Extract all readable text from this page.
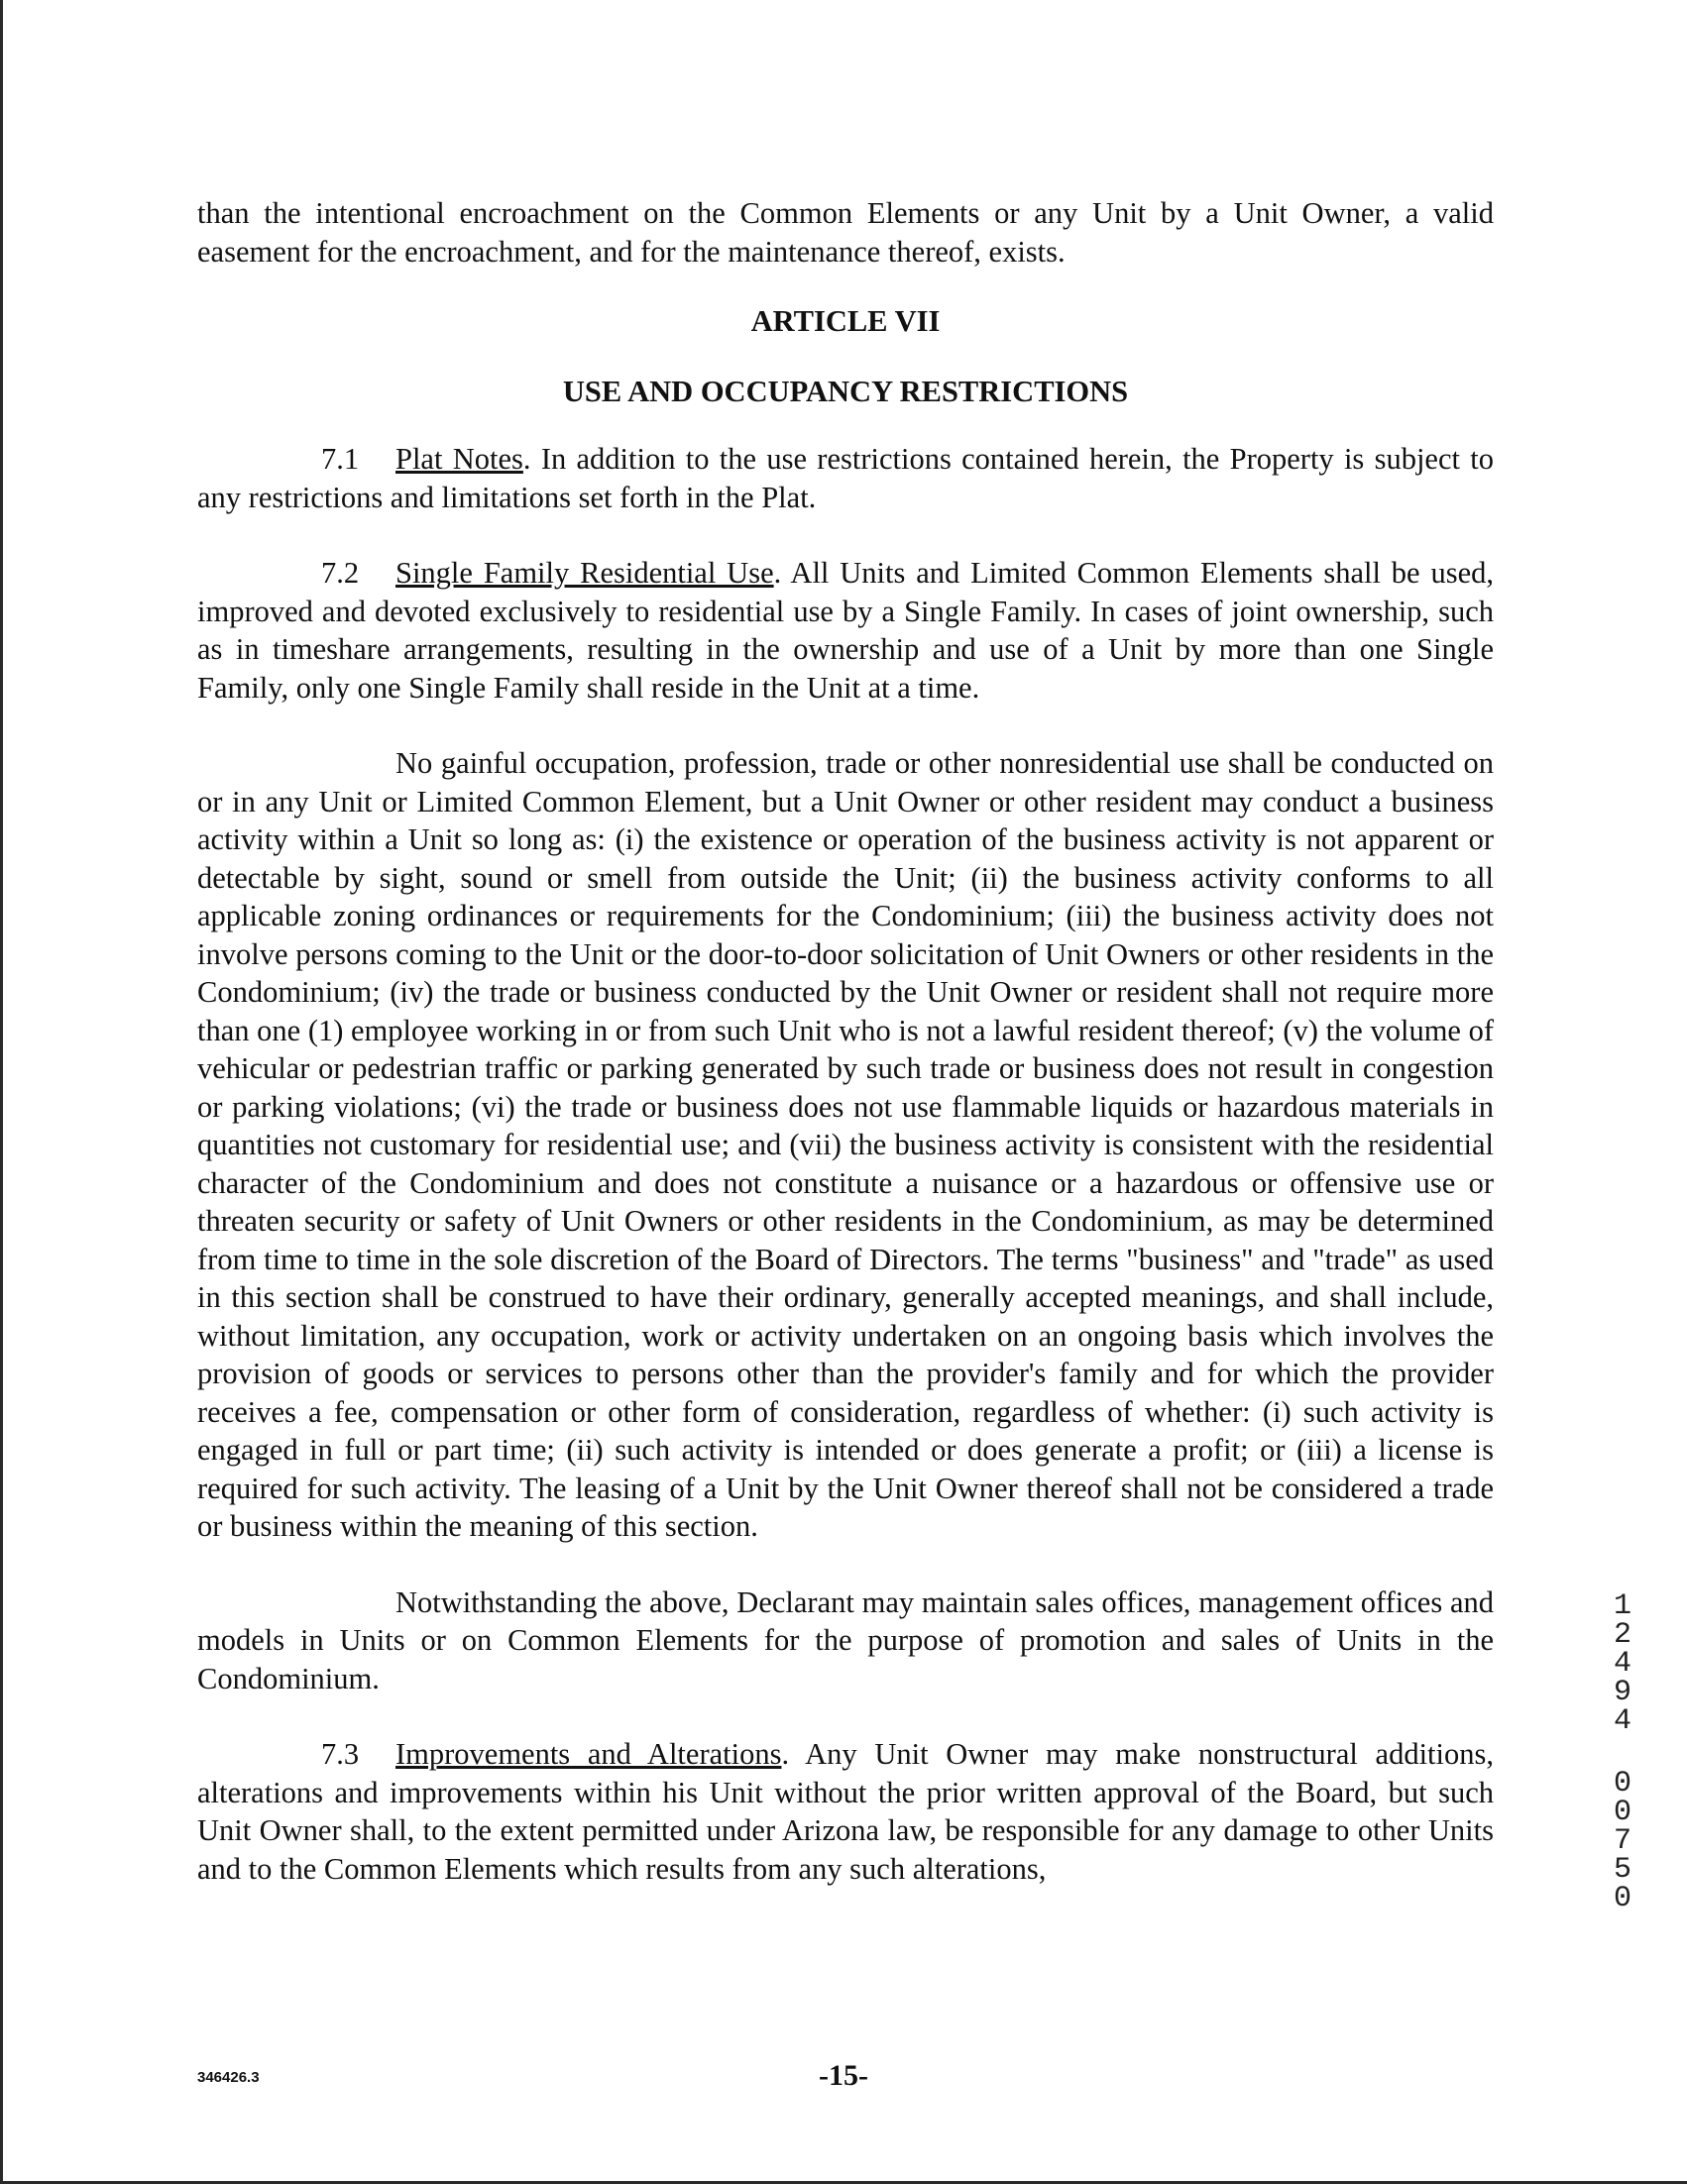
than the intentional encroachment on the Common Elements or any Unit by a Unit Owner, a valid easement for the encroachment, and for the maintenance thereof, exists.

ARTICLE VII

USE AND OCCUPANCY RESTRICTIONS

7.1 Plat Notes. In addition to the use restrictions contained herein, the Property is subject to any restrictions and limitations set forth in the Plat.

7.2 Single Family Residential Use. All Units and Limited Common Elements shall be used, improved and devoted exclusively to residential use by a Single Family. In cases of joint ownership, such as in timeshare arrangements, resulting in the ownership and use of a Unit by more than one Single Family, only one Single Family shall reside in the Unit at a time.

No gainful occupation, profession, trade or other nonresidential use shall be conducted on or in any Unit or Limited Common Element, but a Unit Owner or other resident may conduct a business activity within a Unit so long as: (i) the existence or operation of the business activity is not apparent or detectable by sight, sound or smell from outside the Unit; (ii) the business activity conforms to all applicable zoning ordinances or requirements for the Condominium; (iii) the business activity does not involve persons coming to the Unit or the door-to-door solicitation of Unit Owners or other residents in the Condominium; (iv) the trade or business conducted by the Unit Owner or resident shall not require more than one (1) employee working in or from such Unit who is not a lawful resident thereof; (v) the volume of vehicular or pedestrian traffic or parking generated by such trade or business does not result in congestion or parking violations; (vi) the trade or business does not use flammable liquids or hazardous materials in quantities not customary for residential use; and (vii) the business activity is consistent with the residential character of the Condominium and does not constitute a nuisance or a hazardous or offensive use or threaten security or safety of Unit Owners or other residents in the Condominium, as may be determined from time to time in the sole discretion of the Board of Directors. The terms "business" and "trade" as used in this section shall be construed to have their ordinary, generally accepted meanings, and shall include, without limitation, any occupation, work or activity undertaken on an ongoing basis which involves the provision of goods or services to persons other than the provider's family and for which the provider receives a fee, compensation or other form of consideration, regardless of whether: (i) such activity is engaged in full or part time; (ii) such activity is intended or does generate a profit; or (iii) a license is required for such activity. The leasing of a Unit by the Unit Owner thereof shall not be considered a trade or business within the meaning of this section.

Notwithstanding the above, Declarant may maintain sales offices, management offices and models in Units or on Common Elements for the purpose of promotion and sales of Units in the Condominium.

7.3 Improvements and Alterations. Any Unit Owner may make nonstructural additions, alterations and improvements within his Unit without the prior written approval of the Board, but such Unit Owner shall, to the extent permitted under Arizona law, be responsible for any damage to other Units and to the Common Elements which results from any such alterations,

346426.3	-15-
1
2
4
9
4
0
0
7
5
0
